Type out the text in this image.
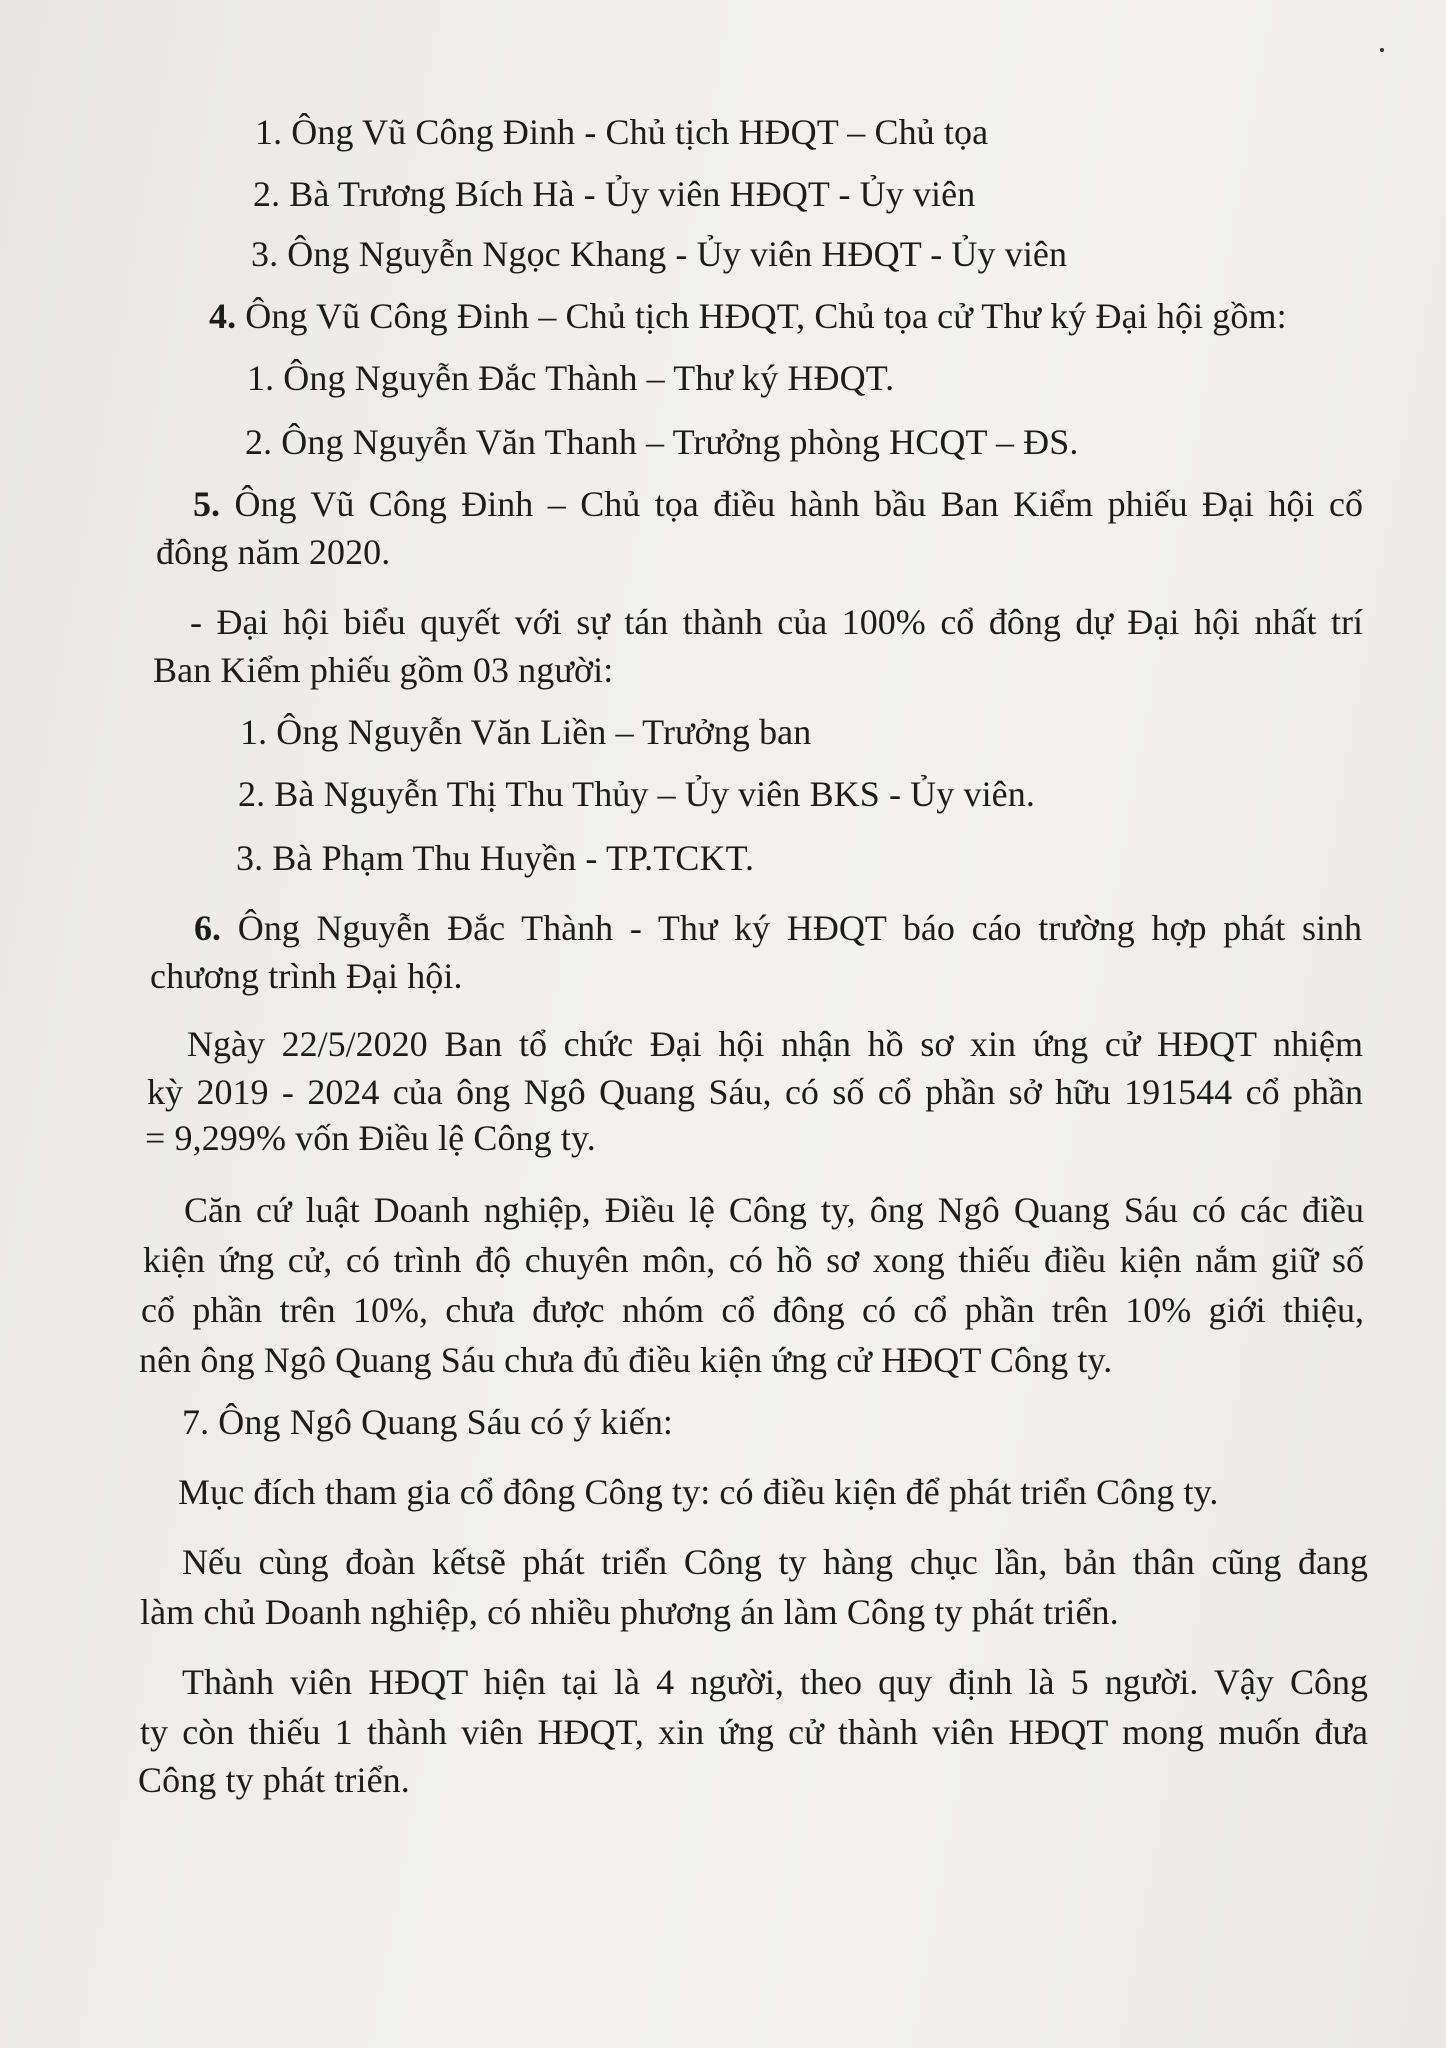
1. Ông Vũ Công Đinh - Chủ tịch HĐQT – Chủ tọa
2. Bà Trương Bích Hà - Ủy viên HĐQT - Ủy viên
3. Ông Nguyễn Ngọc Khang - Ủy viên HĐQT - Ủy viên
4. Ông Vũ Công Đinh – Chủ tịch HĐQT, Chủ tọa cử Thư ký Đại hội gồm:
1. Ông Nguyễn Đắc Thành – Thư ký HĐQT.
2. Ông Nguyễn Văn Thanh – Trưởng phòng HCQT – ĐS.
5. Ông Vũ Công Đinh – Chủ tọa điều hành bầu Ban Kiểm phiếu Đại hội cổ
đông năm 2020.
- Đại hội biểu quyết với sự tán thành của 100% cổ đông dự Đại hội nhất trí
Ban Kiểm phiếu gồm 03 người:
1. Ông Nguyễn Văn Liền – Trưởng ban
2. Bà Nguyễn Thị Thu Thủy – Ủy viên BKS - Ủy viên.
3. Bà Phạm Thu Huyền - TP.TCKT.
6. Ông Nguyễn Đắc Thành - Thư ký HĐQT báo cáo trường hợp phát sinh
chương trình Đại hội.
Ngày 22/5/2020 Ban tổ chức Đại hội nhận hồ sơ xin ứng cử HĐQT nhiệm
kỳ 2019 - 2024 của ông Ngô Quang Sáu, có số cổ phần sở hữu 191544 cổ phần
= 9,299% vốn Điều lệ Công ty.
Căn cứ luật Doanh nghiệp, Điều lệ Công ty, ông Ngô Quang Sáu có các điều
kiện ứng cử, có trình độ chuyên môn, có hồ sơ xong thiếu điều kiện nắm giữ số
cổ phần trên 10%, chưa được nhóm cổ đông có cổ phần trên 10% giới thiệu,
nên ông Ngô Quang Sáu chưa đủ điều kiện ứng cử HĐQT Công ty.
7. Ông Ngô Quang Sáu có ý kiến:
Mục đích tham gia cổ đông Công ty: có điều kiện để phát triển Công ty.
Nếu cùng đoàn kếtsẽ phát triển Công ty hàng chục lần, bản thân cũng đang
làm chủ Doanh nghiệp, có nhiều phương án làm Công ty phát triển.
Thành viên HĐQT hiện tại là 4 người, theo quy định là 5 người. Vậy Công
ty còn thiếu 1 thành viên HĐQT, xin ứng cử thành viên HĐQT mong muốn đưa
Công ty phát triển.
